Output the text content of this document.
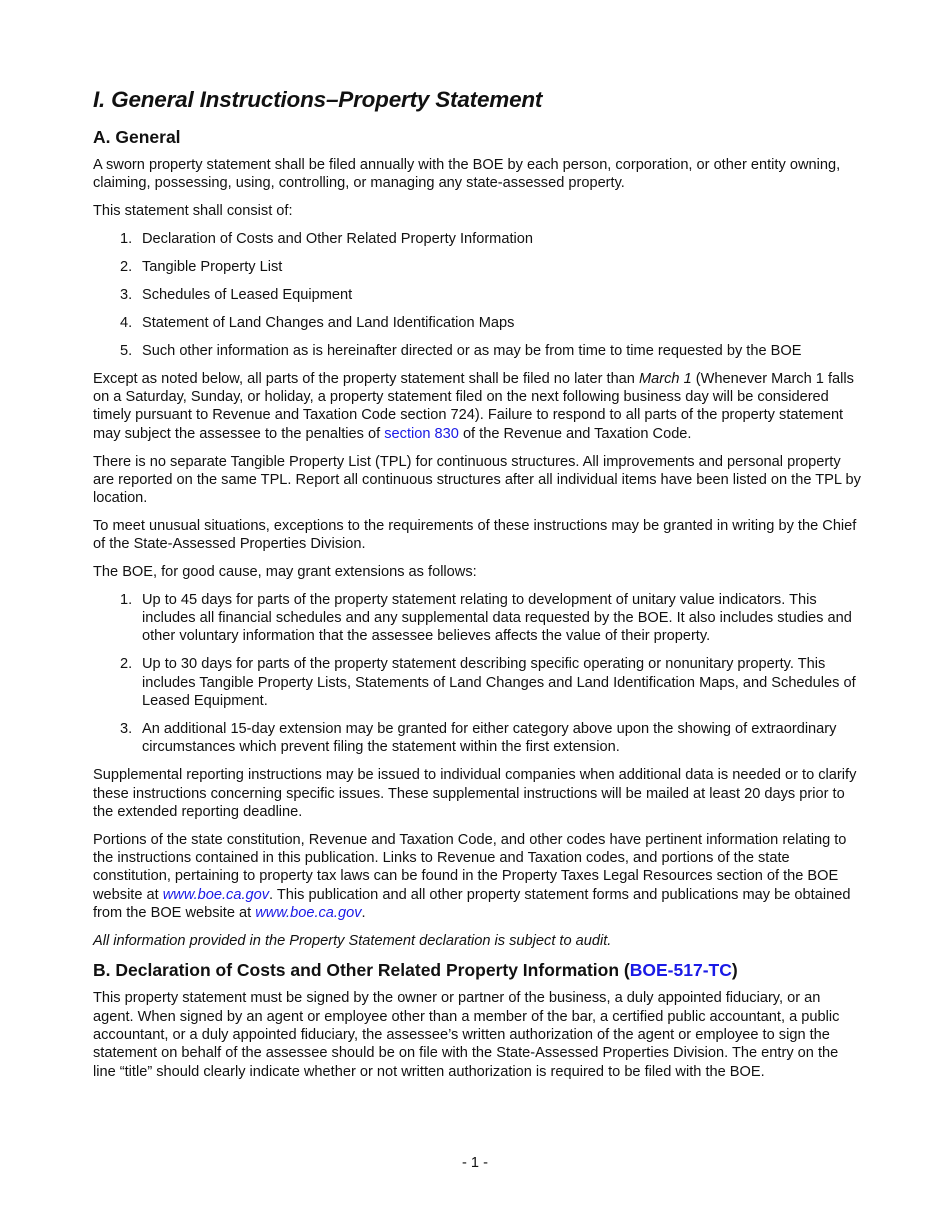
I. General Instructions–Property Statement
A. General

A sworn property statement shall be filed annually with the BOE by each person, corporation, or other entity owning, claiming, possessing, using, controlling, or managing any state-assessed property.

This statement shall consist of:

1. Declaration of Costs and Other Related Property Information
2. Tangible Property List
3. Schedules of Leased Equipment
4. Statement of Land Changes and Land Identification Maps
5. Such other information as is hereinafter directed or as may be from time to time requested by the BOE

Except as noted below, all parts of the property statement shall be filed no later than March 1 (Whenever March 1 falls on a Saturday, Sunday, or holiday, a property statement filed on the next following business day will be considered timely pursuant to Revenue and Taxation Code section 724). Failure to respond to all parts of the property statement may subject the assessee to the penalties of section 830 of the Revenue and Taxation Code.

There is no separate Tangible Property List (TPL) for continuous structures. All improvements and personal property are reported on the same TPL. Report all continuous structures after all individual items have been listed on the TPL by location.

To meet unusual situations, exceptions to the requirements of these instructions may be granted in writing by the Chief of the State-Assessed Properties Division.

The BOE, for good cause, may grant extensions as follows:

1. Up to 45 days for parts of the property statement relating to development of unitary value indicators. This includes all financial schedules and any supplemental data requested by the BOE. It also includes studies and other voluntary information that the assessee believes affects the value of their property.
2. Up to 30 days for parts of the property statement describing specific operating or nonunitary property. This includes Tangible Property Lists, Statements of Land Changes and Land Identification Maps, and Schedules of Leased Equipment.
3. An additional 15-day extension may be granted for either category above upon the showing of extraordinary circumstances which prevent filing the statement within the first extension.

Supplemental reporting instructions may be issued to individual companies when additional data is needed or to clarify these instructions concerning specific issues. These supplemental instructions will be mailed at least 20 days prior to the extended reporting deadline.

Portions of the state constitution, Revenue and Taxation Code, and other codes have pertinent information relating to the instructions contained in this publication. Links to Revenue and Taxation codes, and portions of the state constitution, pertaining to property tax laws can be found in the Property Taxes Legal Resources section of the BOE website at www.boe.ca.gov. This publication and all other property statement forms and publications may be obtained from the BOE website at www.boe.ca.gov.

All information provided in the Property Statement declaration is subject to audit.

B. Declaration of Costs and Other Related Property Information (BOE-517-TC)

This property statement must be signed by the owner or partner of the business, a duly appointed fiduciary, or an agent. When signed by an agent or employee other than a member of the bar, a certified public accountant, a public accountant, or a duly appointed fiduciary, the assessee’s written authorization of the agent or employee to sign the statement on behalf of the assessee should be on file with the State-Assessed Properties Division. The entry on the line “title” should clearly indicate whether or not written authorization is required to be filed with the BOE.

- 1 -
